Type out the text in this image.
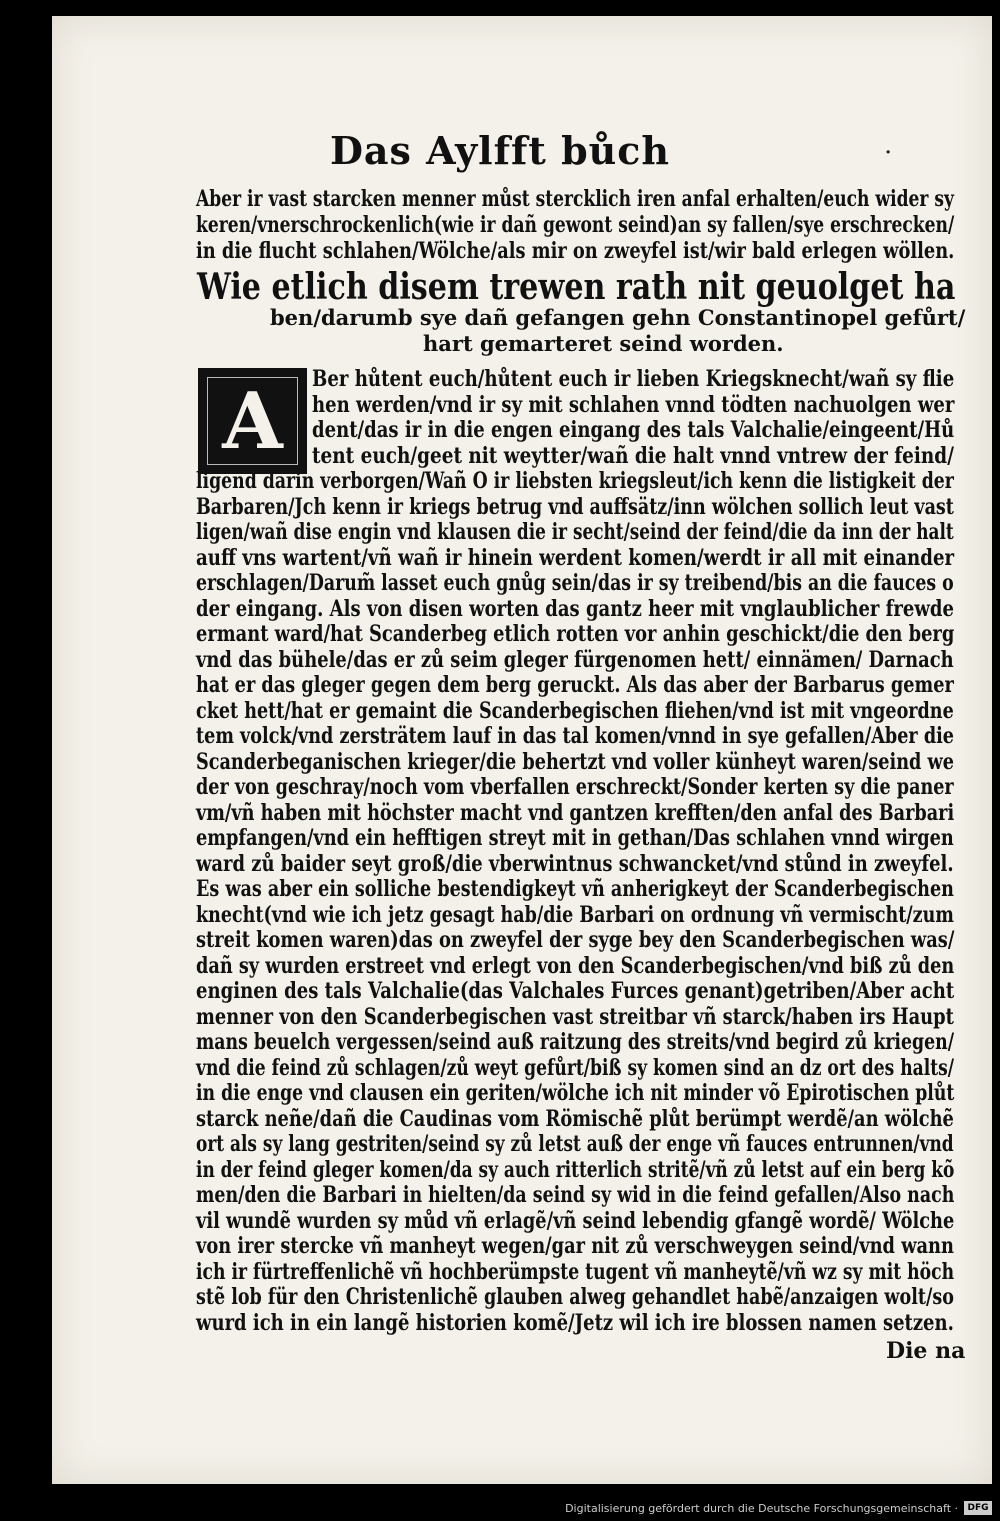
Das Aylfft bůch	·
Aber ir vast starcken menner můst stercklich iren anfal erhalten/euch wider sy
keren/vnerschrockenlich(wie ir dañ gewont seind)an sy fallen/sye erschrecken/
in die flucht schlahen/Wölche/als mir on zweyfel ist/wir bald erlegen wöllen.
Wie etlich disem trewen rath nit geuolget ha
ben/darumb sye dañ gefangen gehn Constantinopel gefůrt/
hart gemarteret seind worden.
A	Ber hůtent euch/hůtent euch ir lieben Kriegsknecht/wañ sy flie
hen werden/vnd ir sy mit schlahen vnnd tödten nachuolgen wer
dent/das ir in die engen eingang des tals Valchalie/eingeent/Hů
tent euch/geet nit weytter/wañ die halt vnnd vntrew der feind/
ligend darin verborgen/Wañ O ir liebsten kriegsleut/ich kenn die listigkeit der
Barbaren/Jch kenn ir kriegs betrug vnd auffsätz/inn wölchen sollich leut vast
ligen/wañ dise engin vnd klausen die ir secht/seind der feind/die da inn der halt
auff vns wartent/vñ wañ ir hinein werdent komen/werdt ir all mit einander
erschlagen/Darum̃ lasset euch gnůg sein/das ir sy treibend/bis an die fauces o
der eingang. Als von disen worten das gantz heer mit vnglaublicher frewde
ermant ward/hat Scanderbeg etlich rotten vor anhin geschickt/die den berg
vnd das bühele/das er zů seim gleger fürgenomen hett/ einnämen/ Darnach
hat er das gleger gegen dem berg geruckt. Als das aber der Barbarus gemer
cket hett/hat er gemaint die Scanderbegischen fliehen/vnd ist mit vngeordne
tem volck/vnd zersträtem lauf in das tal komen/vnnd in sye gefallen/Aber die
Scanderbeganischen krieger/die behertzt vnd voller künheyt waren/seind we
der von geschray/noch vom vberfallen erschreckt/Sonder kerten sy die paner
vm/vñ haben mit höchster macht vnd gantzen krefften/den anfal des Barbari
empfangen/vnd ein hefftigen streyt mit in gethan/Das schlahen vnnd wirgen
ward zů baider seyt groß/die vberwintnus schwancket/vnd stůnd in zweyfel.
Es was aber ein solliche bestendigkeyt vñ anherigkeyt der Scanderbegischen
knecht(vnd wie ich jetz gesagt hab/die Barbari on ordnung vñ vermischt/zum
streit komen waren)das on zweyfel der syge bey den Scanderbegischen was/
dañ sy wurden erstreet vnd erlegt von den Scanderbegischen/vnd biß zů den
enginen des tals Valchalie(das Valchales Furces genant)getriben/Aber acht
menner von den Scanderbegischen vast streitbar vñ starck/haben irs Haupt
mans beuelch vergessen/seind auß raitzung des streits/vnd begird zů kriegen/
vnd die feind zů schlagen/zů weyt gefůrt/biß sy komen sind an dz ort des halts/
in die enge vnd clausen ein geriten/wölche ich nit minder võ Epirotischen plůt
starck neñe/dañ die Caudinas vom Römischẽ plůt berümpt werdẽ/an wölchẽ
ort als sy lang gestriten/seind sy zů letst auß der enge vñ fauces entrunnen/vnd
in der feind gleger komen/da sy auch ritterlich stritẽ/vñ zů letst auf ein berg kõ
men/den die Barbari in hielten/da seind sy wid in die feind gefallen/Also nach
vil wundẽ wurden sy můd vñ erlagẽ/vñ seind lebendig gfangẽ wordẽ/ Wölche
von irer stercke vñ manheyt wegen/gar nit zů verschweygen seind/vnd wann
ich ir fürtreffenlichẽ vñ hochberümpste tugent vñ manheytẽ/vñ wz sy mit höch
stẽ lob für den Christenlichẽ glauben alweg gehandlet habẽ/anzaigen wolt/so
wurd ich in ein langẽ historien komẽ/Jetz wil ich ire blossen namen setzen.
Die na
Digitalisierung gefördert durch die Deutsche Forschungsgemeinschaft ·	DFG
